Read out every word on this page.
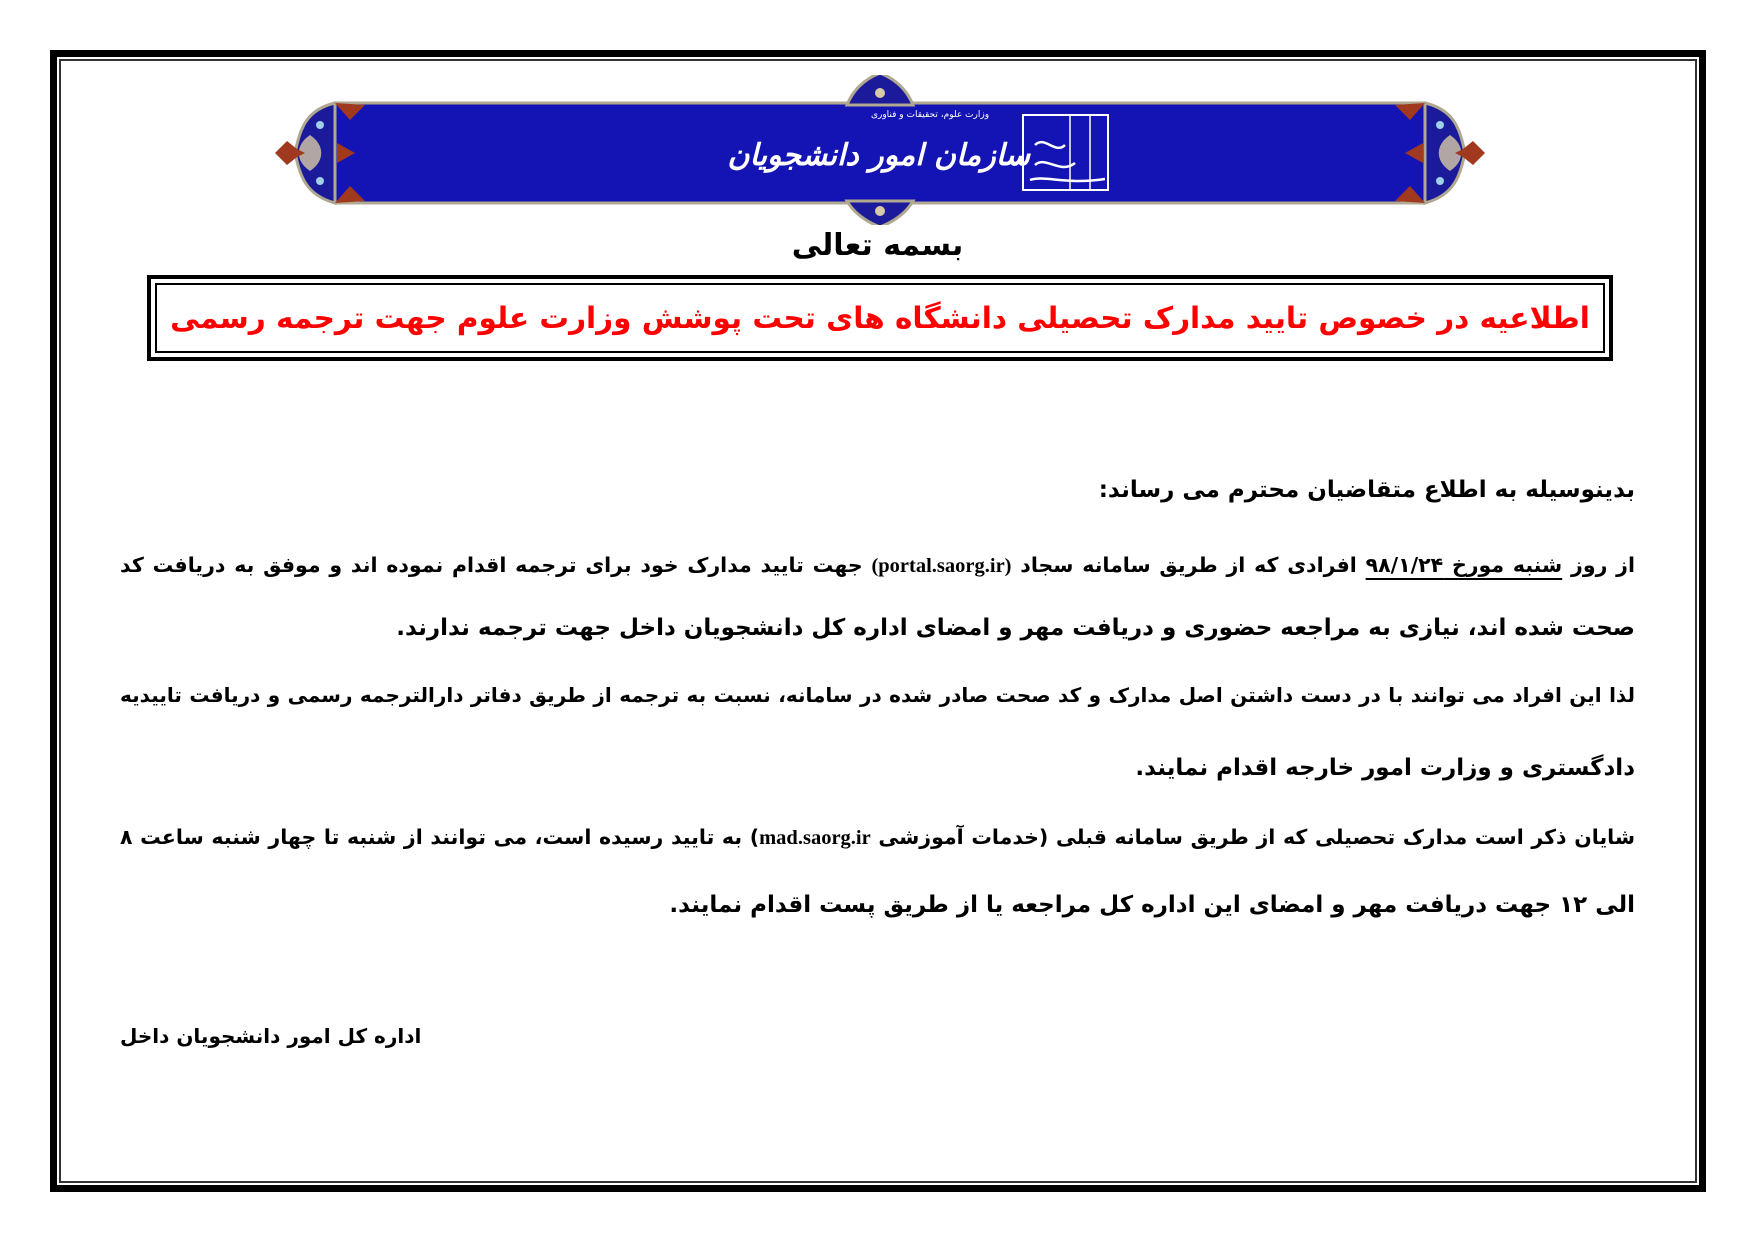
وزارت علوم، تحقیقات و فناوری
سازمان امور دانشجویان
بسمه تعالی
اطلاعیه در خصوص تایید مدارک تحصیلی دانشگاه های تحت پوشش وزارت علوم جهت ترجمه رسمی
بدینوسیله به اطلاع متقاضیان محترم می رساند:
از روز شنبه مورخ ۹۸/۱/۲۴ افرادی که از طریق سامانه سجاد (portal.saorg.ir) جهت تایید مدارک خود برای ترجمه اقدام نموده اند و موفق به دریافت کد
صحت شده اند، نیازی به مراجعه حضوری و دریافت مهر و امضای اداره کل دانشجویان داخل جهت ترجمه ندارند.
لذا این افراد می توانند با در دست داشتن اصل مدارک و کد صحت صادر شده در سامانه، نسبت به ترجمه از طریق دفاتر دارالترجمه رسمی و دریافت تاییدیه
دادگستری و وزارت امور خارجه اقدام نمایند.
شایان ذکر است مدارک تحصیلی که از طریق سامانه قبلی (خدمات آموزشی mad.saorg.ir) به تایید رسیده است، می توانند از شنبه تا چهار شنبه ساعت ۸
الی ۱۲ جهت دریافت مهر و امضای این اداره کل مراجعه یا از طریق پست اقدام نمایند.
اداره کل امور دانشجویان داخل
